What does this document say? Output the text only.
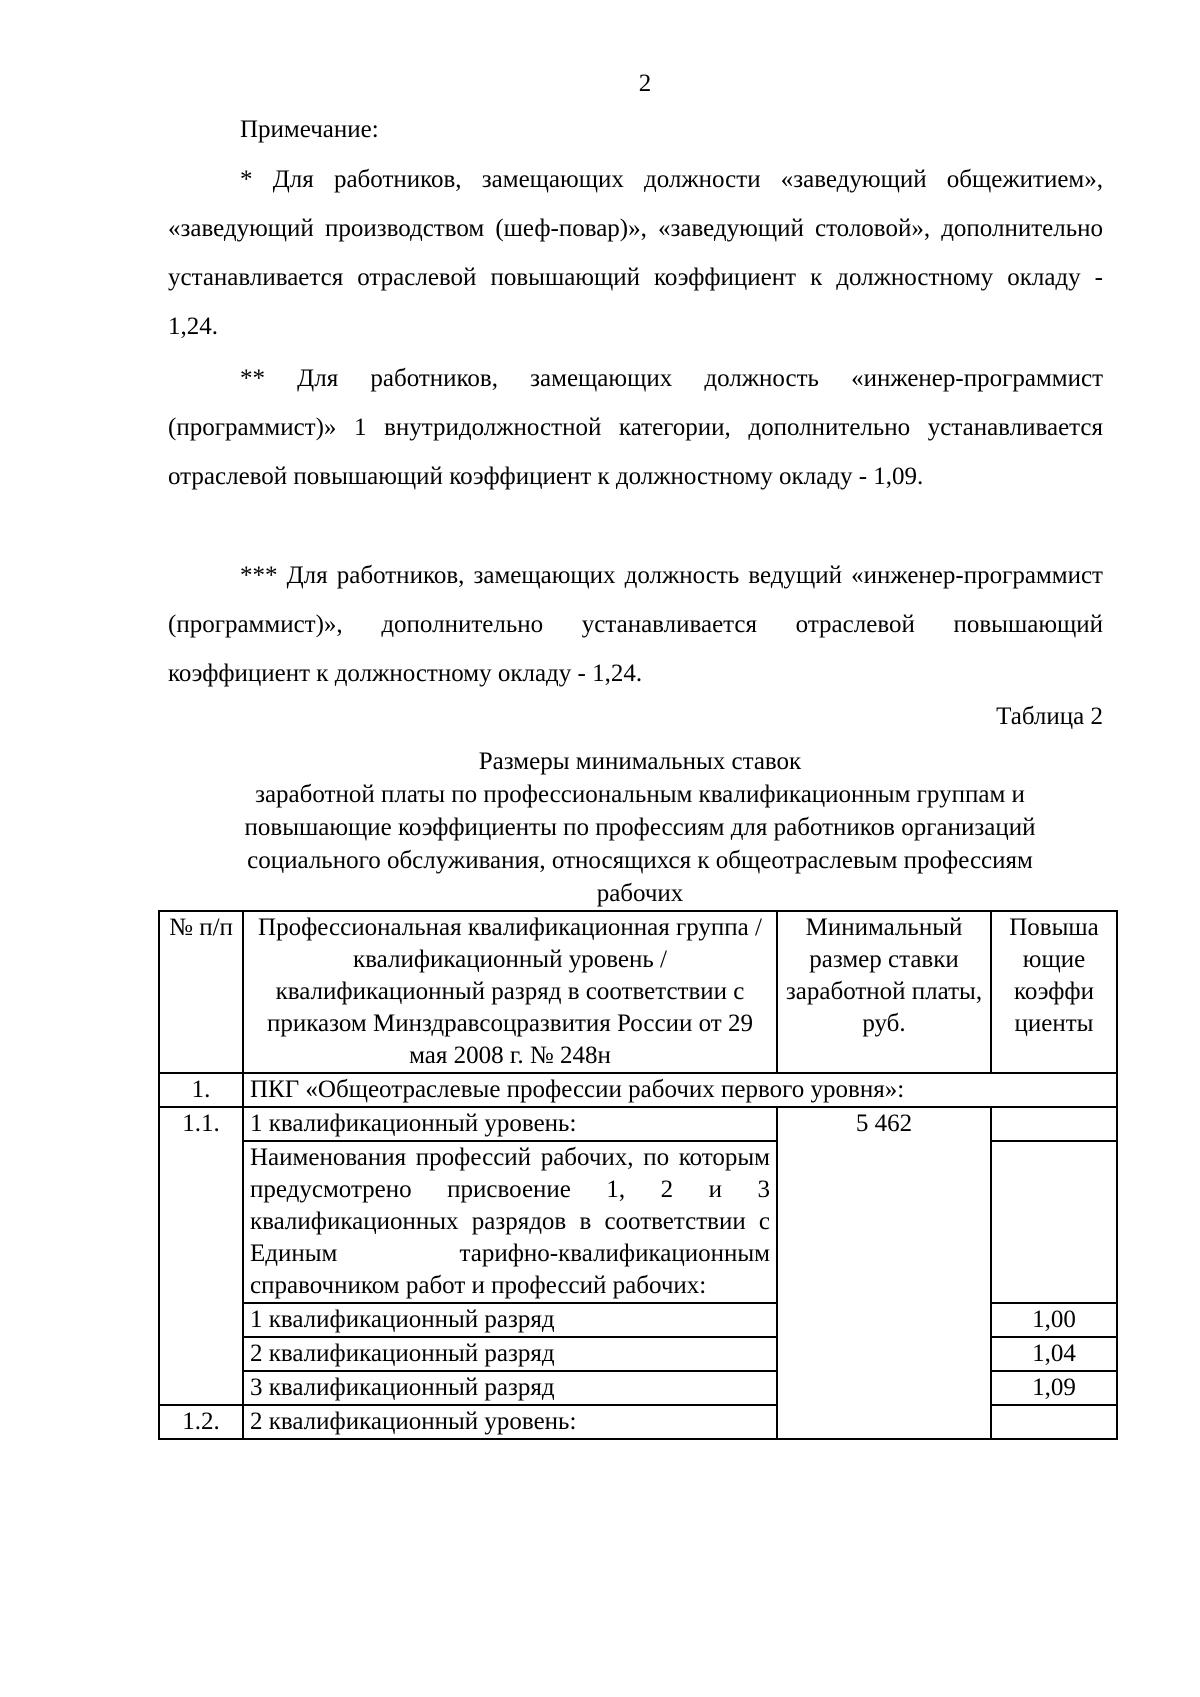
2
Примечание:
* Для работников, замещающих должности «заведующий общежитием», «заведующий производством (шеф-повар)», «заведующий столовой», дополнительно устанавливается отраслевой повышающий коэффициент к должностному окладу - 1,24.
** Для работников, замещающих должность «инженер-программист (программист)» 1 внутридолжностной категории, дополнительно устанавливается отраслевой повышающий коэффициент к должностному окладу - 1,09.
*** Для работников, замещающих должность ведущий «инженер-программист (программист)», дополнительно устанавливается отраслевой повышающий коэффициент к должностному окладу - 1,24.
Таблица 2
Размеры минимальных ставок
заработной платы по профессиональным квалификационным группам и
повышающие коэффициенты по профессиям для работников организаций
социального обслуживания, относящихся к общеотраслевым профессиям
рабочих
№ п/п	Профессиональная квалификационная группа / квалификационный уровень / квалификационный разряд в соответствии с приказом Минздравсоцразвития России от 29 мая 2008 г. № 248н	Минимальный размер ставки заработной платы, руб.	Повыша ющие коэффи циенты
1.	ПКГ «Общеотраслевые профессии рабочих первого уровня»:		
1.1.	1 квалификационный уровень:	5 462	
	Наименования профессий рабочих, по которым предусмотрено присвоение 1, 2 и 3 квалификационных разрядов в соответствии с Единым тарифно-квалификационным справочником работ и профессий рабочих:		
	1 квалификационный разряд		1,00
	2 квалификационный разряд		1,04
	3 квалификационный разряд		1,09
1.2.	2 квалификационный уровень:		
